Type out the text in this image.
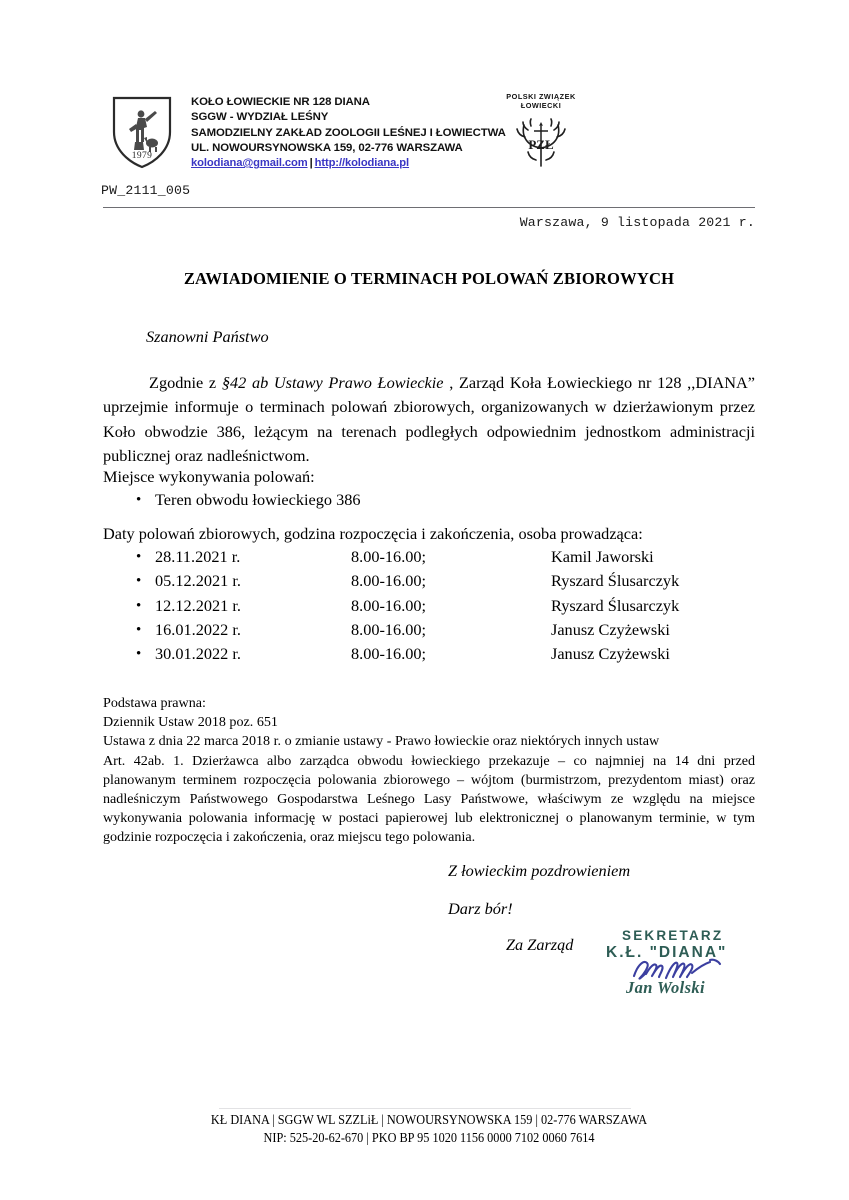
1979
KOŁO ŁOWIECKIE NR 128 DIANA
SGGW - WYDZIAŁ LEŚNY
SAMODZIELNY ZAKŁAD ZOOLOGII LEŚNEJ I ŁOWIECTWA
UL. NOWOURSYNOWSKA 159, 02-776 WARSZAWA
kolodiana@gmail.com | http://kolodiana.pl
POLSKI ZWIĄZEK
ŁOWIECKI
PZŁ
PW_2111_005
Warszawa, 9 listopada 2021 r.
ZAWIADOMIENIE O TERMINACH POLOWAŃ ZBIOROWYCH
Szanowni Państwo
Zgodnie z §42 ab Ustawy Prawo Łowieckie , Zarząd Koła Łowieckiego nr 128 ,,DIANA” uprzejmie informuje o terminach polowań zbiorowych, organizowanych w dzierżawionym przez Koło obwodzie 386, leżącym na terenach podległych odpowiednim jednostkom administracji publicznej oraz nadleśnictwom.
Miejsce wykonywania polowań:
• Teren obwodu łowieckiego 386
Daty polowań zbiorowych, godzina rozpoczęcia i zakończenia, osoba prowadząca:
• 28.11.2021 r.	8.00-16.00;	Kamil Jaworski
• 05.12.2021 r.	8.00-16.00;	Ryszard Ślusarczyk
• 12.12.2021 r.	8.00-16.00;	Ryszard Ślusarczyk
• 16.01.2022 r.	8.00-16.00;	Janusz Czyżewski
• 30.01.2022 r.	8.00-16.00;	Janusz Czyżewski
Podstawa prawna:
Dziennik Ustaw 2018 poz. 651
Ustawa z dnia 22 marca 2018 r. o zmianie ustawy - Prawo łowieckie oraz niektórych innych ustaw
Art. 42ab. 1. Dzierżawca albo zarządca obwodu łowieckiego przekazuje – co najmniej na 14 dni przed planowanym terminem rozpoczęcia polowania zbiorowego – wójtom (burmistrzom, prezydentom miast) oraz nadleśniczym Państwowego Gospodarstwa Leśnego Lasy Państwowe, właściwym ze względu na miejsce wykonywania polowania informację w postaci papierowej lub elektronicznej o planowanym terminie, w tym godzinie rozpoczęcia i zakończenia, oraz miejscu tego polowania.
Z łowieckim pozdrowieniem
Darz bór!
Za Zarząd	SEKRETARZ
K.Ł. "DIANA"
Jan Wolski
KŁ DIANA | SGGW WL SZZLiŁ | NOWOURSYNOWSKA 159 | 02-776 WARSZAWA
NIP: 525-20-62-670 | PKO BP 95 1020 1156 0000 7102 0060 7614
